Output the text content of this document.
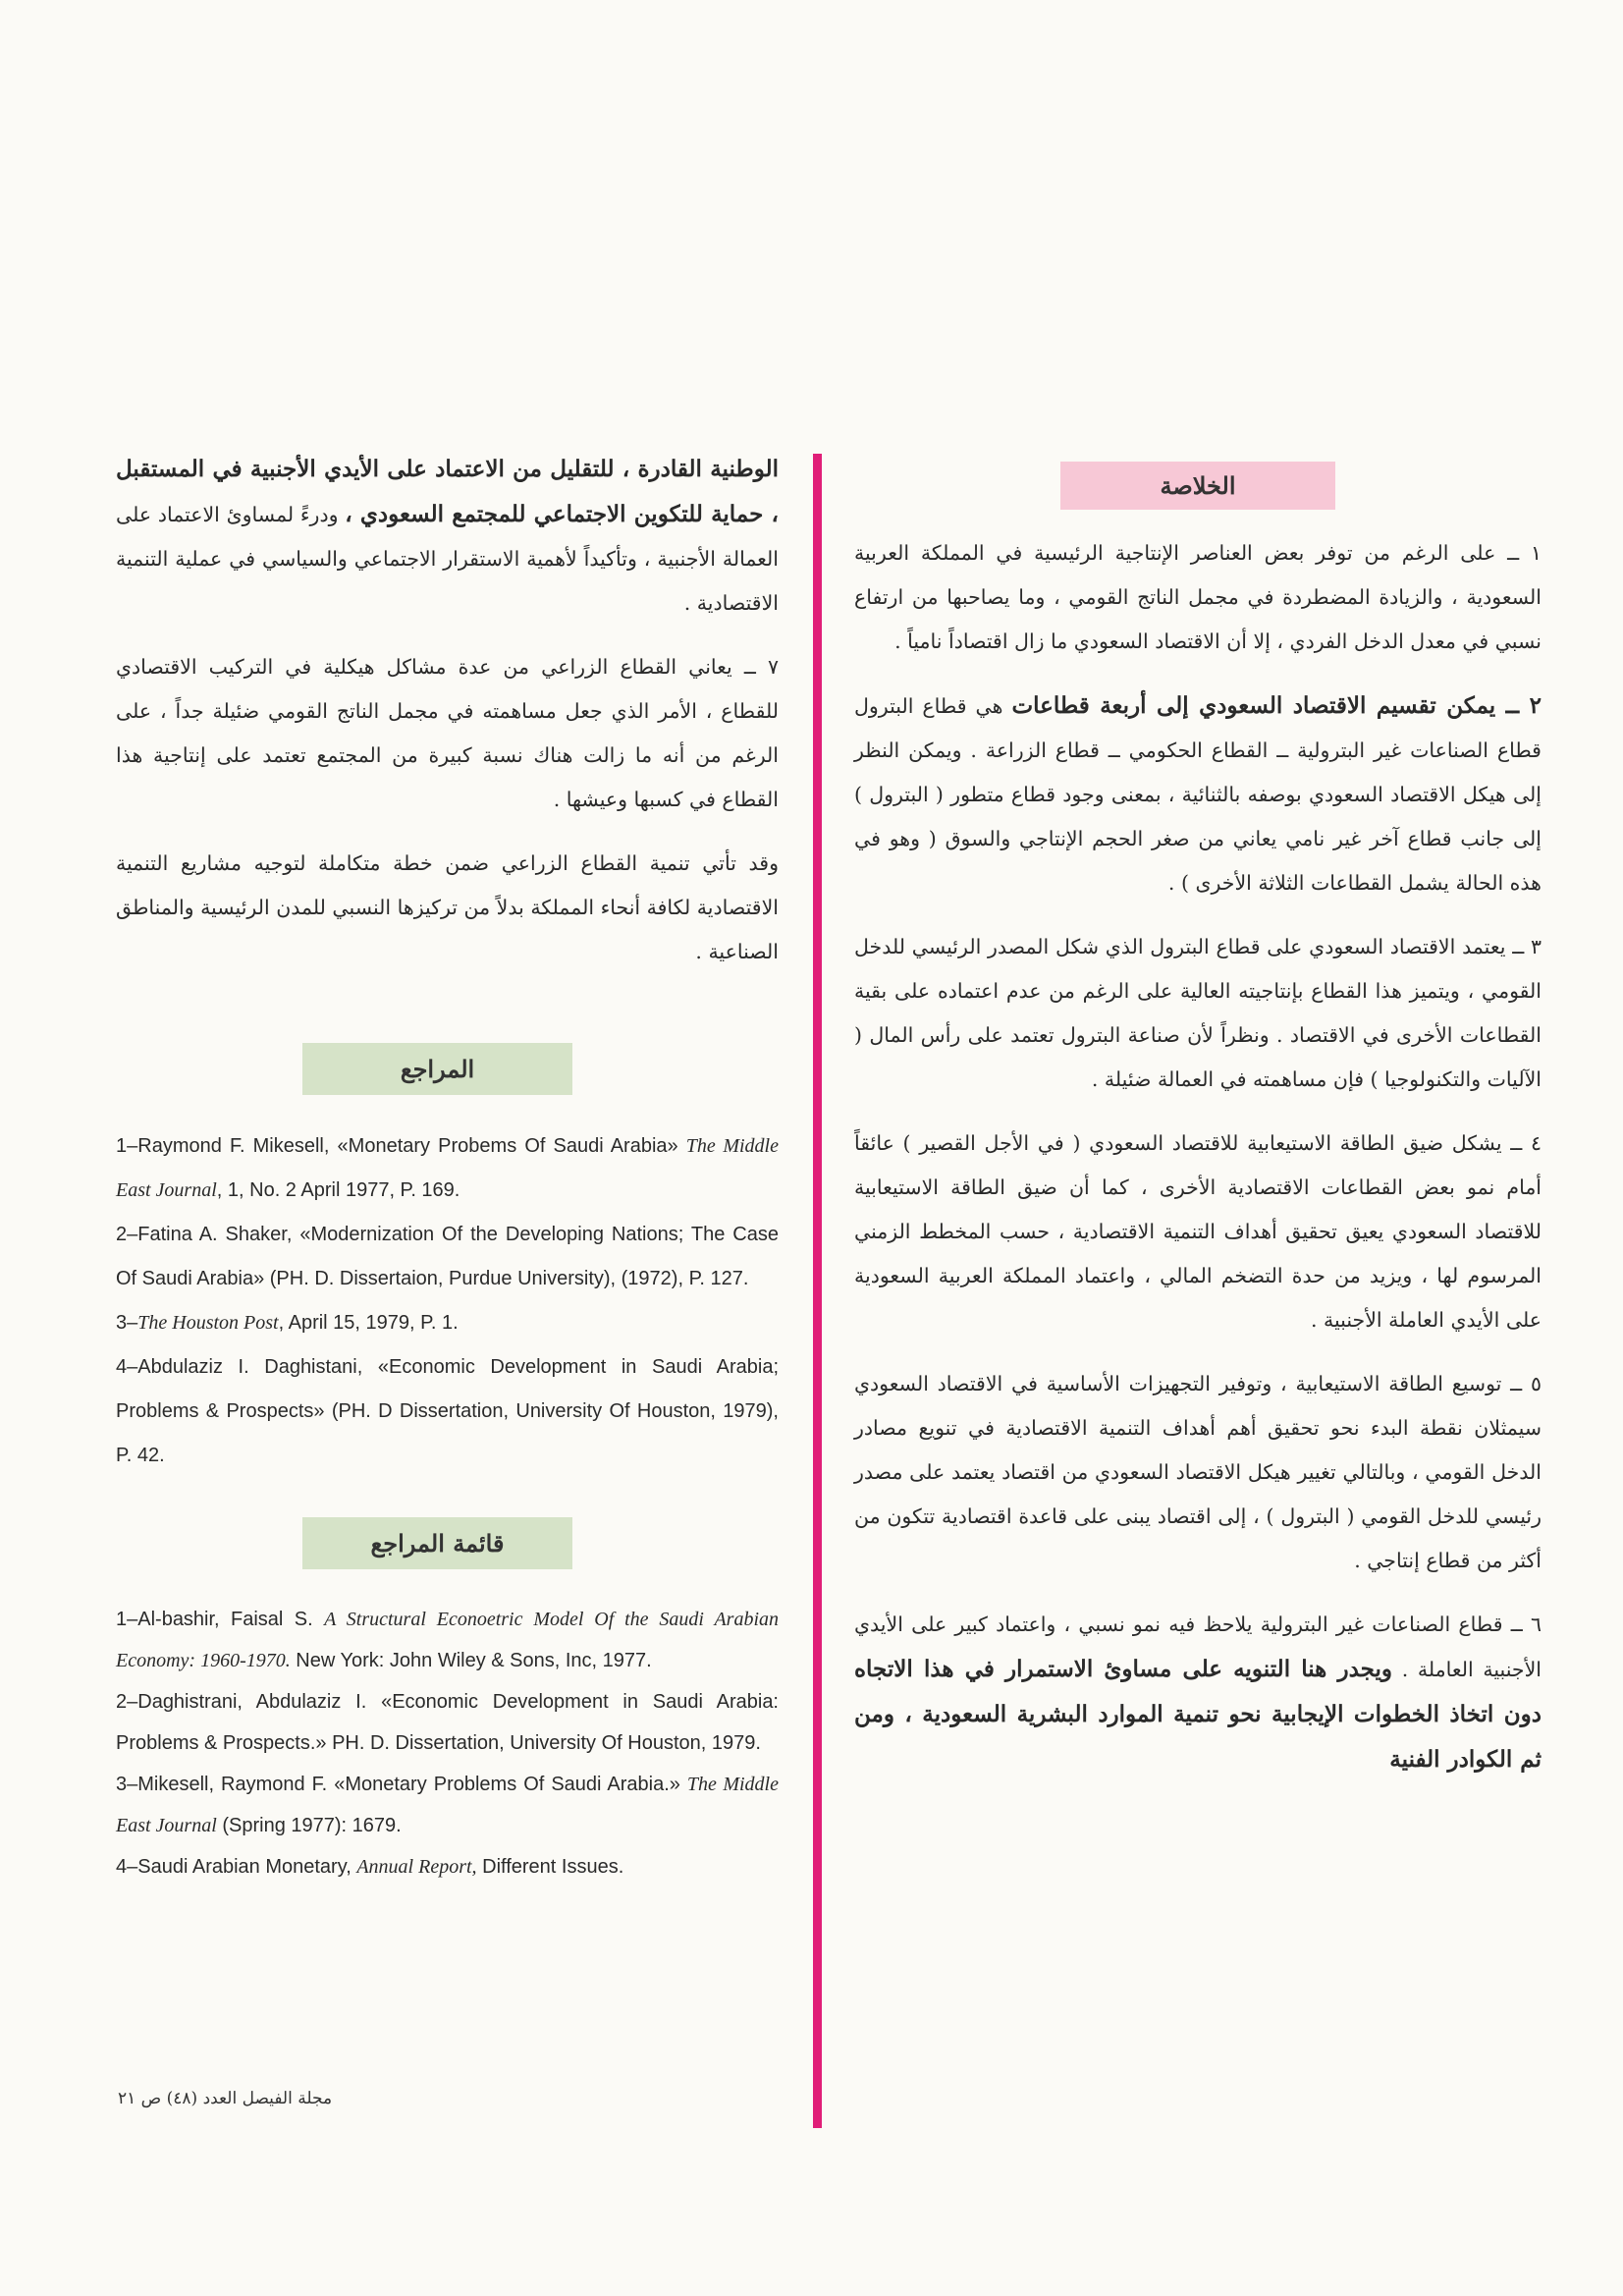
الخلاصة

١ ــ على الرغم من توفر بعض العناصر الإنتاجية الرئيسية في المملكة العربية السعودية ، والزيادة المضطردة في مجمل الناتج القومي ، وما يصاحبها من ارتفاع نسبي في معدل الدخل الفردي ، إلا أن الاقتصاد السعودي ما زال اقتصاداً نامياً .

٢ ــ يمكن تقسيم الاقتصاد السعودي إلى أربعة قطاعات هي قطاع البترول قطاع الصناعات غير البترولية ــ القطاع الحكومي ــ قطاع الزراعة . ويمكن النظر إلى هيكل الاقتصاد السعودي بوصفه بالثنائية ، بمعنى وجود قطاع متطور ( البترول ) إلى جانب قطاع آخر غير نامي يعاني من صغر الحجم الإنتاجي والسوق ( وهو في هذه الحالة يشمل القطاعات الثلاثة الأخرى ) .

٣ ــ يعتمد الاقتصاد السعودي على قطاع البترول الذي شكل المصدر الرئيسي للدخل القومي ، ويتميز هذا القطاع بإنتاجيته العالية على الرغم من عدم اعتماده على بقية القطاعات الأخرى في الاقتصاد . ونظراً لأن صناعة البترول تعتمد على رأس المال ( الآليات والتكنولوجيا ) فإن مساهمته في العمالة ضئيلة .

٤ ــ يشكل ضيق الطاقة الاستيعابية للاقتصاد السعودي ( في الأجل القصير ) عائقاً أمام نمو بعض القطاعات الاقتصادية الأخرى ، كما أن ضيق الطاقة الاستيعابية للاقتصاد السعودي يعيق تحقيق أهداف التنمية الاقتصادية ، حسب المخطط الزمني المرسوم لها ، ويزيد من حدة التضخم المالي ، واعتماد المملكة العربية السعودية على الأيدي العاملة الأجنبية .

٥ ــ توسيع الطاقة الاستيعابية ، وتوفير التجهيزات الأساسية في الاقتصاد السعودي سيمثلان نقطة البدء نحو تحقيق أهم أهداف التنمية الاقتصادية في تنويع مصادر الدخل القومي ، وبالتالي تغيير هيكل الاقتصاد السعودي من اقتصاد يعتمد على مصدر رئيسي للدخل القومي ( البترول ) ، إلى اقتصاد يبنى على قاعدة اقتصادية تتكون من أكثر من قطاع إنتاجي .

٦ ــ قطاع الصناعات غير البترولية يلاحظ فيه نمو نسبي ، واعتماد كبير على الأيدي الأجنبية العاملة . ويجدر هنا التنويه على مساوئ الاستمرار في هذا الاتجاه دون اتخاذ الخطوات الإيجابية نحو تنمية الموارد البشرية السعودية ، ومن ثم الكوادر الفنية

الوطنية القادرة ، للتقليل من الاعتماد على الأيدي الأجنبية في المستقبل ، حماية للتكوين الاجتماعي للمجتمع السعودي ، ودرءً لمساوئ الاعتماد على العمالة الأجنبية ، وتأكيداً لأهمية الاستقرار الاجتماعي والسياسي في عملية التنمية الاقتصادية .

٧ ــ يعاني القطاع الزراعي من عدة مشاكل هيكلية في التركيب الاقتصادي للقطاع ، الأمر الذي جعل مساهمته في مجمل الناتج القومي ضئيلة جداً ، على الرغم من أنه ما زالت هناك نسبة كبيرة من المجتمع تعتمد على إنتاجية هذا القطاع في كسبها وعيشها .

وقد تأتي تنمية القطاع الزراعي ضمن خطة متكاملة لتوجيه مشاريع التنمية الاقتصادية لكافة أنحاء المملكة بدلاً من تركيزها النسبي للمدن الرئيسية والمناطق الصناعية .

المراجع

1–Raymond F. Mikesell, «Monetary Probems Of Saudi Arabia» The Middle East Journal, 1, No. 2 April 1977, P. 169.

2–Fatina A. Shaker, «Modernization Of the Developing Nations; The Case Of Saudi Arabia» (PH. D. Dissertaion, Purdue University), (1972), P. 127.

3–The Houston Post, April 15, 1979, P. 1.

4–Abdulaziz I. Daghistani, «Economic Development in Saudi Arabia; Problems & Prospects» (PH. D Dissertation, University Of Houston, 1979), P. 42.

قائمة المراجع

1–Al-bashir, Faisal S. A Structural Econoetric Model Of the Saudi Arabian Economy: 1960-1970. New York: John Wiley & Sons, Inc, 1977.

2–Daghistrani, Abdulaziz I. «Economic Development in Saudi Arabia: Problems & Prospects.» PH. D. Dissertation, University Of Houston, 1979.

3–Mikesell, Raymond F. «Monetary Problems Of Saudi Arabia.» The Middle East Journal (Spring 1977): 1679.

4–Saudi Arabian Monetary, Annual Report, Different Issues.

مجلة الفيصل العدد (٤٨) ص ٢١
